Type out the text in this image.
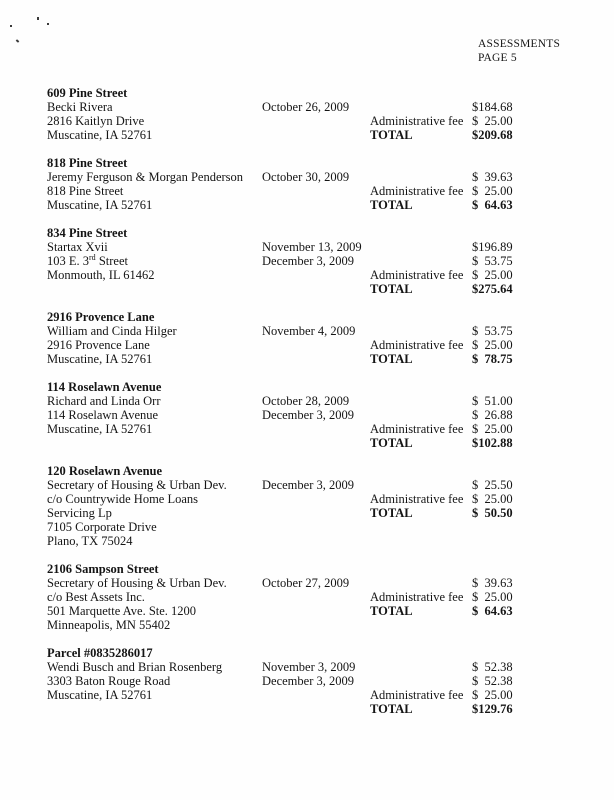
ASSESSMENTS
PAGE 5
609 Pine Street
Becki Rivera	October 26, 2009	$184.68
2816 Kaitlyn Drive	Administrative fee $  25.00
Muscatine, IA 52761	TOTAL	$209.68
818 Pine Street
Jeremy Ferguson & Morgan Penderson	October 30, 2009	$  39.63
818 Pine Street	Administrative fee $  25.00
Muscatine, IA 52761	TOTAL	$  64.63
834 Pine Street
Startax Xvii	November 13, 2009	$196.89
103 E. 3rd Street	December 3, 2009	$  53.75
Monmouth, IL 61462	Administrative fee $  25.00
TOTAL	$275.64
2916 Provence Lane
William and Cinda Hilger	November 4, 2009	$  53.75
2916 Provence Lane	Administrative fee $  25.00
Muscatine, IA 52761	TOTAL	$  78.75
114 Roselawn Avenue
Richard and Linda Orr	October 28, 2009	$  51.00
114 Roselawn Avenue	December 3, 2009	$  26.88
Muscatine, IA 52761	Administrative fee $  25.00
TOTAL	$102.88
120 Roselawn Avenue
Secretary of Housing & Urban Dev.	December 3, 2009	$  25.50
c/o Countrywide Home Loans	Administrative fee $  25.00
Servicing Lp	TOTAL	$  50.50
7105 Corporate Drive
Plano, TX 75024
2106 Sampson Street
Secretary of Housing & Urban Dev.	October 27, 2009	$  39.63
c/o Best Assets Inc.	Administrative fee $  25.00
501 Marquette Ave. Ste. 1200	TOTAL	$  64.63
Minneapolis, MN 55402
Parcel #0835286017
Wendi Busch and Brian Rosenberg	November 3, 2009	$  52.38
3303 Baton Rouge Road	December 3, 2009	$  52.38
Muscatine, IA 52761	Administrative fee $  25.00
TOTAL	$129.76
